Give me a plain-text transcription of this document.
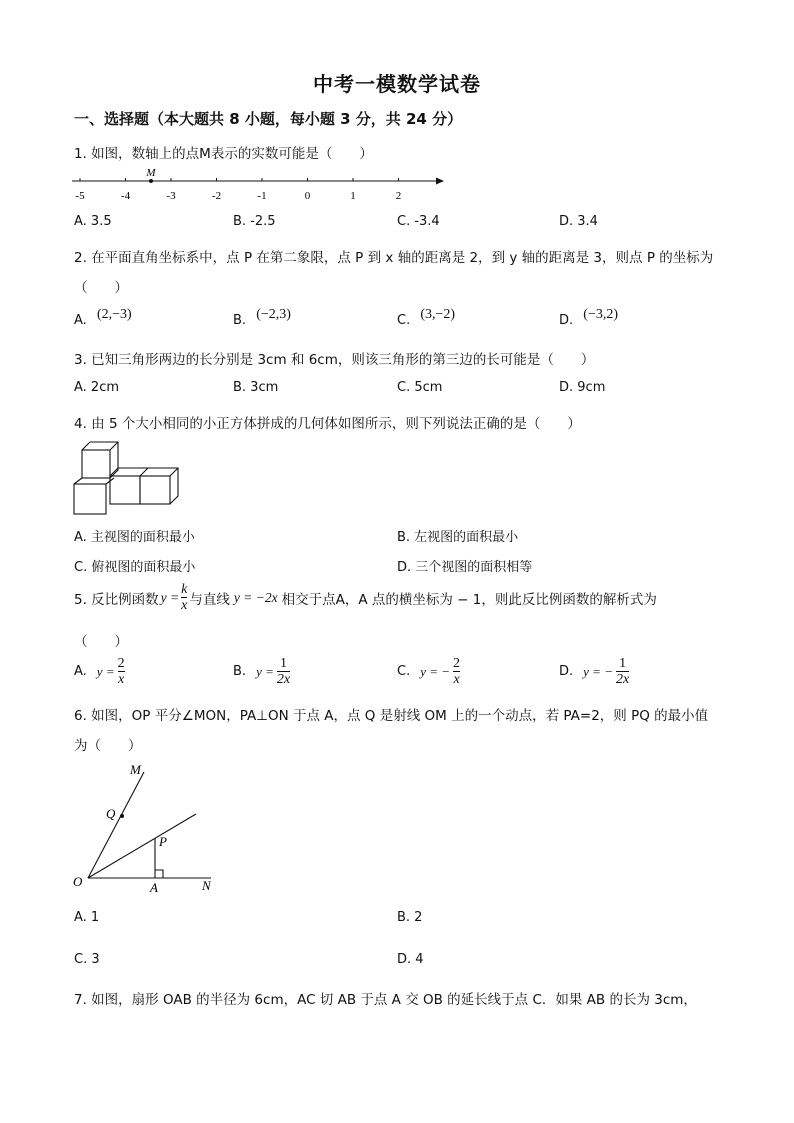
中考一模数学试卷
一、选择题（本大题共 8 小题，每小题 3 分，共 24 分）
1. 如图，数轴上的点M表示的实数可能是（　　）
-5	-4	-3	-2	-1	0	1	2
M
A. 3.5	B. -2.5	C. -3.4	D. 3.4
2. 在平面直角坐标系中，点 P 在第二象限，点 P 到 x 轴的距离是 2，到 y 轴的距离是 3，则点 P 的坐标为
（　　）
A. (2,−3)	B. (−2,3)	C. (3,−2)	D. (−3,2)
3. 已知三角形两边的长分别是 3cm 和 6cm，则该三角形的第三边的长可能是（　　）
A. 2cm	B. 3cm	C. 5cm	D. 9cm
4. 由 5 个大小相同的小正方体拼成的几何体如图所示，则下列说法正确的是（　　）
A. 主视图的面积最小	B. 左视图的面积最小
C. 俯视图的面积最小	D. 三个视图的面积相等
5. 反比例函数 $y = \frac{k}{x}$ 与直线 y = −2x 相交于点A，A 点的横坐标为 − 1，则此反比例函数的解析式为
（　　）
A. $y = \frac{2}{x}$	B. $y = \frac{1}{2x}$	C. y = − $\frac{2}{x}$	D. y = − $\frac{1}{2x}$
6. 如图，OP 平分∠MON，PA⊥ON 于点 A，点 Q 是射线 OM 上的一个动点，若 PA=2，则 PQ 的最小值
为（　　）
M
Q
P
O	A	N
A. 1	B. 2
C. 3	D. 4
7. 如图，扇形 OAB 的半径为 6cm，AC 切 AB 于点 A 交 OB 的延长线于点 C．如果 AB 的长为 3cm，
